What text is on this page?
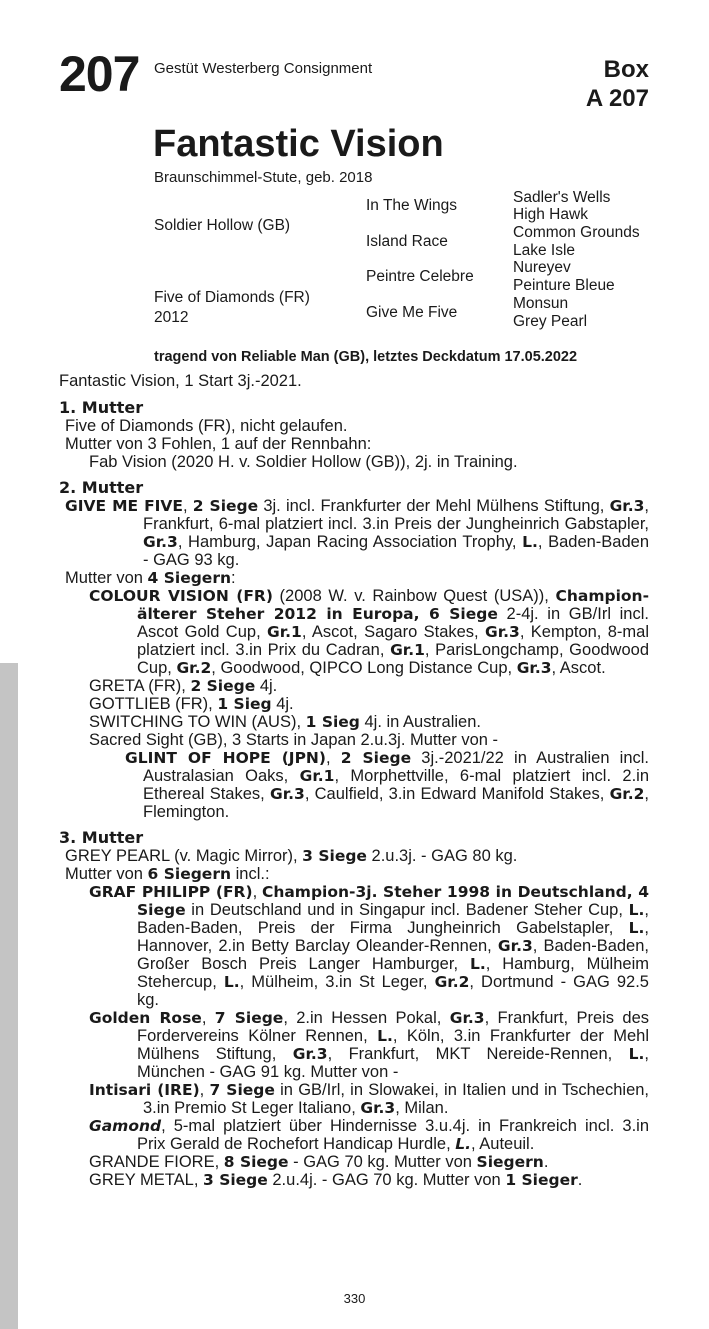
207 Gestüt Westerberg Consignment	Box
A 207
Fantastic Vision
Braunschimmel-Stute, geb. 2018
Soldier Hollow (GB)
Five of Diamonds (FR)
2012
In The Wings
Island Race
Peintre Celebre
Give Me Five
Sadler's Wells
High Hawk
Common Grounds
Lake Isle
Nureyev
Peinture Bleue
Monsun
Grey Pearl
tragend von Reliable Man (GB), letztes Deckdatum 17.05.2022
Fantastic Vision, 1 Start 3j.-2021.
1. Mutter
Five of Diamonds (FR), nicht gelaufen.
Mutter von 3 Fohlen, 1 auf der Rennbahn:
Fab Vision (2020 H. v. Soldier Hollow (GB)), 2j. in Training.
2. Mutter
GIVE ME FIVE, 2 Siege 3j. incl. Frankfurter der Mehl Mülhens Stiftung, Gr.3, Frankfurt, 6-mal platziert incl. 3.in Preis der Jungheinrich Gabstapler, Gr.3, Hamburg, Japan Racing Association Trophy, L., Baden-Baden - GAG 93 kg.
Mutter von 4 Siegern:
COLOUR VISION (FR) (2008 W. v. Rainbow Quest (USA)), Champion-älterer Steher 2012 in Europa, 6 Siege 2-4j. in GB/Irl incl. Ascot Gold Cup, Gr.1, Ascot, Sagaro Stakes, Gr.3, Kempton, 8-mal platziert incl. 3.in Prix du Cadran, Gr.1, ParisLongchamp, Goodwood Cup, Gr.2, Goodwood, QIPCO Long Distance Cup, Gr.3, Ascot.
GRETA (FR), 2 Siege 4j.
GOTTLIEB (FR), 1 Sieg 4j.
SWITCHING TO WIN (AUS), 1 Sieg 4j. in Australien.
Sacred Sight (GB), 3 Starts in Japan 2.u.3j. Mutter von -
GLINT OF HOPE (JPN), 2 Siege 3j.-2021/22 in Australien incl. Australasian Oaks, Gr.1, Morphettville, 6-mal platziert incl. 2.in Ethereal Stakes, Gr.3, Caulfield, 3.in Edward Manifold Stakes, Gr.2, Flemington.
3. Mutter
GREY PEARL (v. Magic Mirror), 3 Siege 2.u.3j. - GAG 80 kg.
Mutter von 6 Siegern incl.:
GRAF PHILIPP (FR), Champion-3j. Steher 1998 in Deutschland, 4 Siege in Deutschland und in Singapur incl. Badener Steher Cup, L., Baden-Baden, Preis der Firma Jungheinrich Gabelstapler, L., Hannover, 2.in Betty Barclay Oleander-Rennen, Gr.3, Baden-Baden, Großer Bosch Preis Langer Hamburger, L., Hamburg, Mülheim Stehercup, L., Mülheim, 3.in St Leger, Gr.2, Dortmund - GAG 92.5 kg.
Golden Rose, 7 Siege, 2.in Hessen Pokal, Gr.3, Frankfurt, Preis des Fordervereins Kölner Rennen, L., Köln, 3.in Frankfurter der Mehl Mülhens Stiftung, Gr.3, Frankfurt, MKT Nereide-Rennen, L., München - GAG 91 kg. Mutter von -
Intisari (IRE), 7 Siege in GB/Irl, in Slowakei, in Italien und in Tschechien, 3.in Premio St Leger Italiano, Gr.3, Milan.
Gamond, 5-mal platziert über Hindernisse 3.u.4j. in Frankreich incl. 3.in Prix Gerald de Rochefort Handicap Hurdle, L., Auteuil.
GRANDE FIORE, 8 Siege - GAG 70 kg. Mutter von Siegern.
GREY METAL, 3 Siege 2.u.4j. - GAG 70 kg. Mutter von 1 Sieger.
330
